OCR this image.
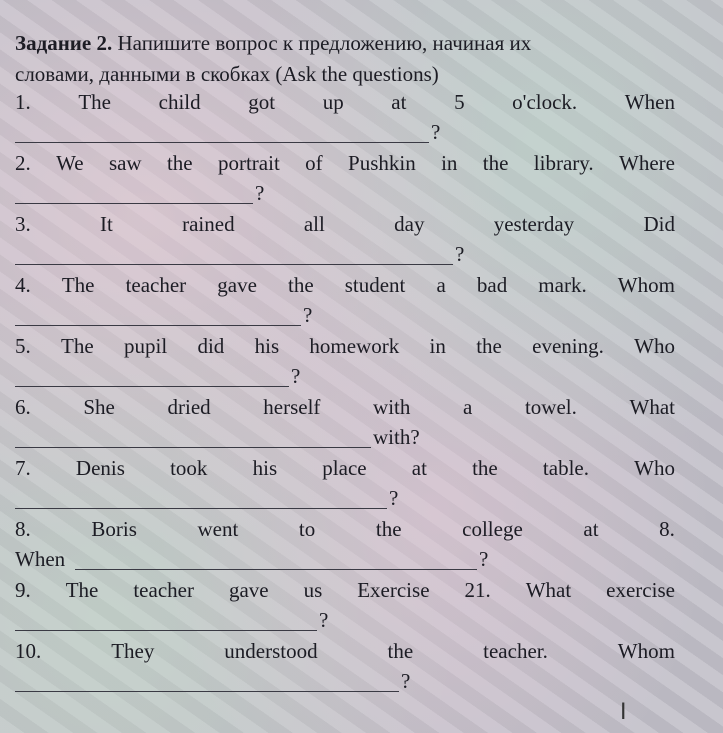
Задание 2. Напишите вопрос к предложению, начиная их
словами, данными в скобках (Ask the questions)
1. The child got up at 5 o'clock. When
?
2. We saw the portrait of Pushkin in the library. Where
?
3.	It	rained	all	day	yesterday	Did
?
4. The teacher gave the student a bad mark. Whom
?
5. The pupil did his homework in the evening. Who
?
6.	She	dried	herself	with	a	towel.	What
with?
7. Denis took his place at the table. Who
?
8.	Boris	went	to	the	college	at	8.
When	?
9. The teacher gave us Exercise 21. What exercise
?
10.	They	understood	the	teacher.	Whom
?
I
